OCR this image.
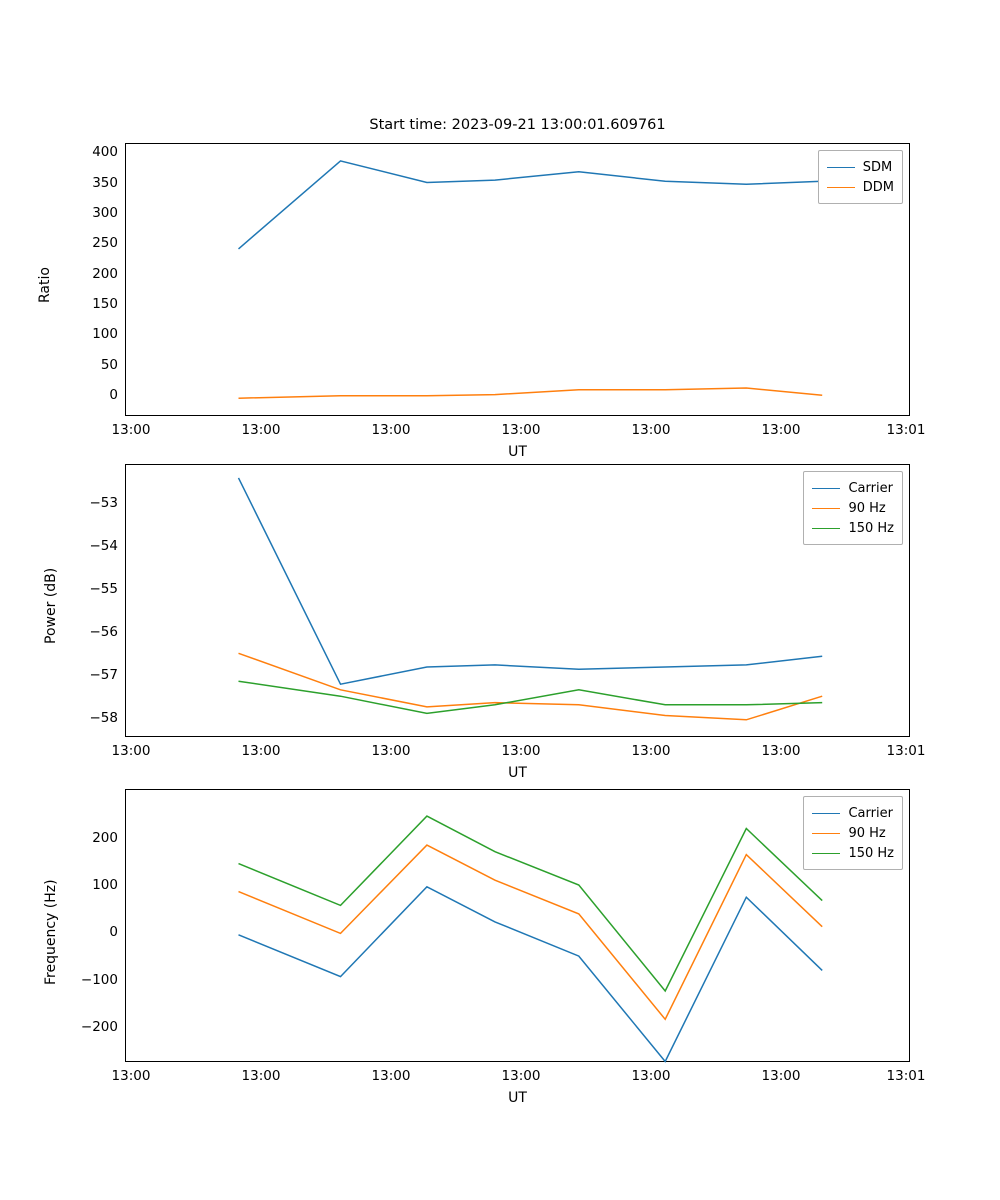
Start time: 2023-09-21 13:00:01.609761
Ratio
400
350
300
250
200
150
100
50
0
13:00	13:00	13:00	13:00	13:00	13:00	13:01
UT
SDM
DDM
Power (dB)
−53
−54
−55
−56
−57
−58
13:00	13:00	13:00	13:00	13:00	13:00	13:01
UT
Carrier
90 Hz
150 Hz
Frequency (Hz)
200
100
0
−100
−200
13:00	13:00	13:00	13:00	13:00	13:00	13:01
UT
Carrier
90 Hz
150 Hz
